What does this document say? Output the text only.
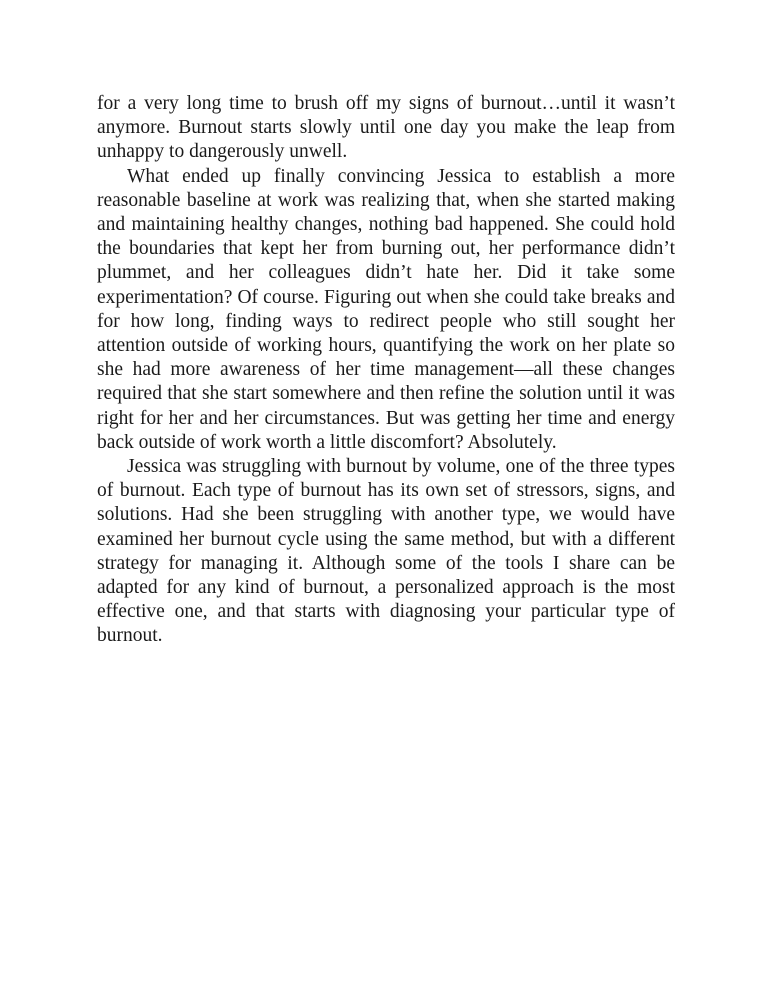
for a very long time to brush off my signs of burnout…until it wasn’t anymore. Burnout starts slowly until one day you make the leap from unhappy to dangerously unwell.

What ended up finally convincing Jessica to establish a more reasonable baseline at work was realizing that, when she started making and maintaining healthy changes, nothing bad happened. She could hold the boundaries that kept her from burning out, her performance didn’t plummet, and her colleagues didn’t hate her. Did it take some experimentation? Of course. Figuring out when she could take breaks and for how long, finding ways to redirect people who still sought her attention outside of working hours, quantifying the work on her plate so she had more awareness of her time management—all these changes required that she start somewhere and then refine the solution until it was right for her and her circumstances. But was getting her time and energy back outside of work worth a little discomfort? Absolutely.

Jessica was struggling with burnout by volume, one of the three types of burnout. Each type of burnout has its own set of stressors, signs, and solutions. Had she been struggling with another type, we would have examined her burnout cycle using the same method, but with a different strategy for managing it. Although some of the tools I share can be adapted for any kind of burnout, a personalized approach is the most effective one, and that starts with diagnosing your particular type of burnout.
